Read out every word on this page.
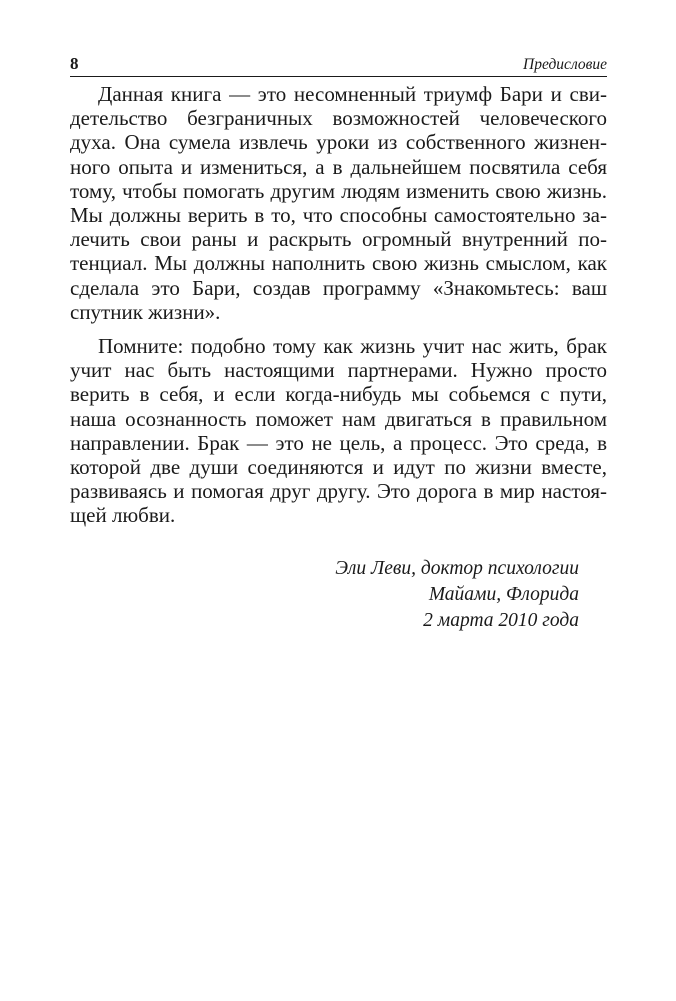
8	Предисловие

Данная книга — это несомненный триумф Бари и свидетельство безграничных возможностей человеческого духа. Она сумела извлечь уроки из собственного жизненного опыта и измениться, а в дальнейшем посвятила себя тому, чтобы помогать другим людям изменить свою жизнь. Мы должны верить в то, что способны самостоятельно залечить свои раны и раскрыть огромный внутренний потенциал. Мы должны наполнить свою жизнь смыслом, как сделала это Бари, создав программу «Знакомьтесь: ваш спутник жизни».

Помните: подобно тому как жизнь учит нас жить, брак учит нас быть настоящими партнерами. Нужно просто верить в себя, и если когда-нибудь мы собьемся с пути, наша осознанность поможет нам двигаться в правильном направлении. Брак — это не цель, а процесс. Это среда, в которой две души соединяются и идут по жизни вместе, развиваясь и помогая друг другу. Это дорога в мир настоящей любви.

Эли Леви, доктор психологии
Майами, Флорида
2 марта 2010 года
